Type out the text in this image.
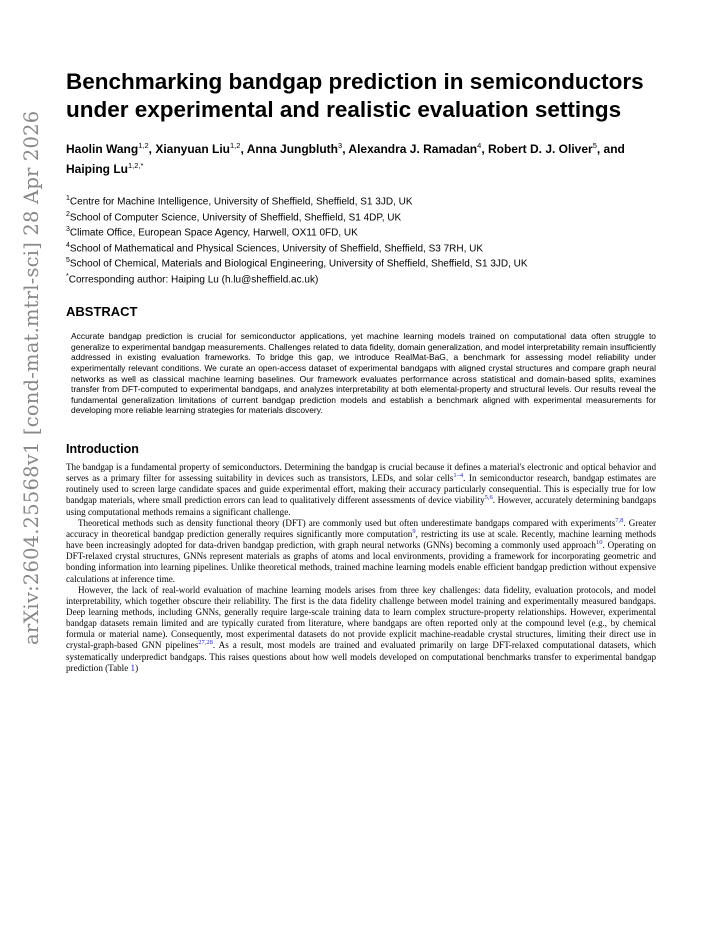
arXiv:2604.25568v1 [cond-mat.mtrl-sci] 28 Apr 2026
Benchmarking bandgap prediction in semiconductors under experimental and realistic evaluation settings
Haolin Wang$^{1,2}$, Xianyuan Liu$^{1,2}$, Anna Jungbluth$^3$, Alexandra J. Ramadan$^4$, Robert D. J. Oliver$^5$, and Haiping $Lu^{1,2,*}$
$^1$Centre for Machine Intelligence, University of Sheffield, Sheffield, S1 3JD, UK
$^2$School of Computer Science, University of Sheffield, Sheffield, S1 4DP, UK
$^3$Climate Office, European Space Agency, Harwell, OX11 0FD, UK
$^4$School of Mathematical and Physical Sciences, University of Sheffield, Sheffield, S3 7RH, UK
$^5$School of Chemical, Materials and Biological Engineering, University of Sheffield, Sheffield, S1 3JD, UK
*Corresponding author: Haiping Lu (h.lu@sheffield.ac.uk)
ABSTRACT
Accurate bandgap prediction is crucial for semiconductor applications, yet machine learning models trained on computational data often struggle to generalize to experimental bandgap measurements. Challenges related to data fidelity, domain generalization, and model interpretability remain insufficiently addressed in existing evaluation frameworks. To bridge this gap, we introduce RealMat-BaG, a benchmark for assessing model reliability under experimentally relevant conditions. We curate an open-access dataset of experimental bandgaps with aligned crystal structures and compare graph neural networks as well as classical machine learning baselines. Our framework evaluates performance across statistical and domain-based splits, examines transfer from DFT-computed to experimental bandgaps, and analyzes interpretability at both elemental-property and structural levels. Our results reveal the fundamental generalization limitations of current bandgap prediction models and establish a benchmark aligned with experimental measurements for developing more reliable learning strategies for materials discovery.
Introduction

The bandgap is a fundamental property of semiconductors. Determining the bandgap is crucial because it defines a material's electronic and optical behavior and serves as a primary filter for assessing suitability in devices such as transistors, LEDs, and solar cells$^{1-4}$. In semiconductor research, bandgap estimates are routinely used to screen large candidate spaces and guide experimental effort, making their accuracy particularly consequential. This is especially true for low bandgap materials, where small prediction errors can lead to qualitatively different assessments of device viability$^{5,6}$. However, accurately determining bandgaps using computational methods remains a significant challenge.

Theoretical methods such as density functional theory (DFT) are commonly used but often underestimate bandgaps compared with experiments$^{7,8}$. Greater accuracy in theoretical bandgap prediction generally requires significantly more computation$^9$, restricting its use at scale. Recently, machine learning methods have been increasingly adopted for data-driven bandgap prediction, with graph neural networks (GNNs) becoming a commonly used approach$^{10}$. Operating on DFT-relaxed crystal structures, GNNs represent materials as graphs of atoms and local environments, providing a framework for incorporating geometric and bonding information into learning pipelines. Unlike theoretical methods, trained machine learning models enable efficient bandgap prediction without expensive calculations at inference time.

However, the lack of real-world evaluation of machine learning models arises from three key challenges: data fidelity, evaluation protocols, and model interpretability, which together obscure their reliability. The first is the data fidelity challenge between model training and experimentally measured bandgaps. Deep learning methods, including GNNs, generally require large-scale training data to learn complex structure-property relationships. However, experimental bandgap datasets remain limited and are typically curated from literature, where bandgaps are often reported only at the compound level (e.g., by chemical formula or material name). Consequently, most experimental datasets do not provide explicit machine-readable crystal structures, limiting their direct use in crystal-graph-based GNN pipelines$^{27,28}$. As a result, most models are trained and evaluated primarily on large DFT-relaxed computational datasets, which systematically underpredict bandgaps. This raises questions about how well models developed on computational benchmarks transfer to experimental bandgap prediction (Table 1)
